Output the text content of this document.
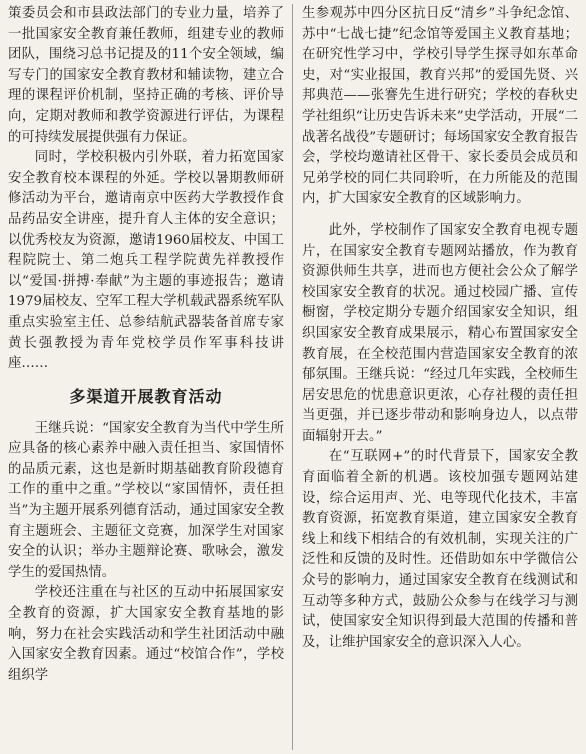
策委员会和市县政法部门的专业力量，培养了一批国家安全教育兼任教师，组建专业的教师团队，围绕习总书记提及的11个安全领域，编写专门的国家安全教育教材和辅读物，建立合理的课程评价机制，坚持正确的考核、评价导向，定期对教师和教学资源进行评估，为课程的可持续发展提供强有力保证。

同时，学校积极内引外联，着力拓宽国家安全教育校本课程的外延。学校以暑期教师研修活动为平台，邀请南京中医药大学教授作食品药品安全讲座，提升育人主体的安全意识；以优秀校友为资源，邀请1960届校友、中国工程院院士、第二炮兵工程学院黄先祥教授作以“爱国·拼搏·奉献”为主题的事迹报告；邀请1979届校友、空军工程大学机载武器系统军队重点实验室主任、总参结航武器装备首席专家黄长强教授为青年党校学员作军事科技讲座……

多渠道开展教育活动

王继兵说：“国家安全教育为当代中学生所应具备的核心素养中融入责任担当、家国情怀的品质元素，这也是新时期基础教育阶段德育工作的重中之重。”学校以“家国情怀，责任担当”为主题开展系列德育活动，通过国家安全教育主题班会、主题征文竞赛，加深学生对国家安全的认识；举办主题辩论赛、歌咏会，激发学生的爱国热情。

学校还注重在与社区的互动中拓展国家安全教育的资源，扩大国家安全教育基地的影响，努力在社会实践活动和学生社团活动中融入国家安全教育因素。通过“校馆合作”，学校组织学

生参观苏中四分区抗日反“清乡”斗争纪念馆、苏中“七战七捷”纪念馆等爱国主义教育基地；在研究性学习中，学校引导学生探寻如东革命史，对“实业报国，教育兴邦”的爱国先贤、兴邦典范——张謇先生进行研究；学校的春秋史学社组织“让历史告诉未来”史学活动，开展“二战著名战役”专题研讨；每场国家安全教育报告会，学校均邀请社区骨干、家长委员会成员和兄弟学校的同仁共同聆听，在力所能及的范围内，扩大国家安全教育的区域影响力。

此外，学校制作了国家安全教育电视专题片，在国家安全教育专题网站播放，作为教育资源供师生共享，进而也方便社会公众了解学校国家安全教育的状况。通过校园广播、宣传橱窗，学校定期分专题介绍国家安全知识，组织国家安全教育成果展示，精心布置国家安全教育展，在全校范围内营造国家安全教育的浓郁氛围。王继兵说：“经过几年实践，全校师生居安思危的忧患意识更浓，心存社稷的责任担当更强，并已逐步带动和影响身边人，以点带面辐射开去。”

在“互联网+”的时代背景下，国家安全教育面临着全新的机遇。该校加强专题网站建设，综合运用声、光、电等现代化技术，丰富教育资源，拓宽教育渠道，建立国家安全教育线上和线下相结合的有效机制，实现关注的广泛性和反馈的及时性。还借助如东中学微信公众号的影响力，通过国家安全教育在线测试和互动等多种方式，鼓励公众参与在线学习与测试，使国家安全知识得到最大范围的传播和普及，让维护国家安全的意识深入人心。
